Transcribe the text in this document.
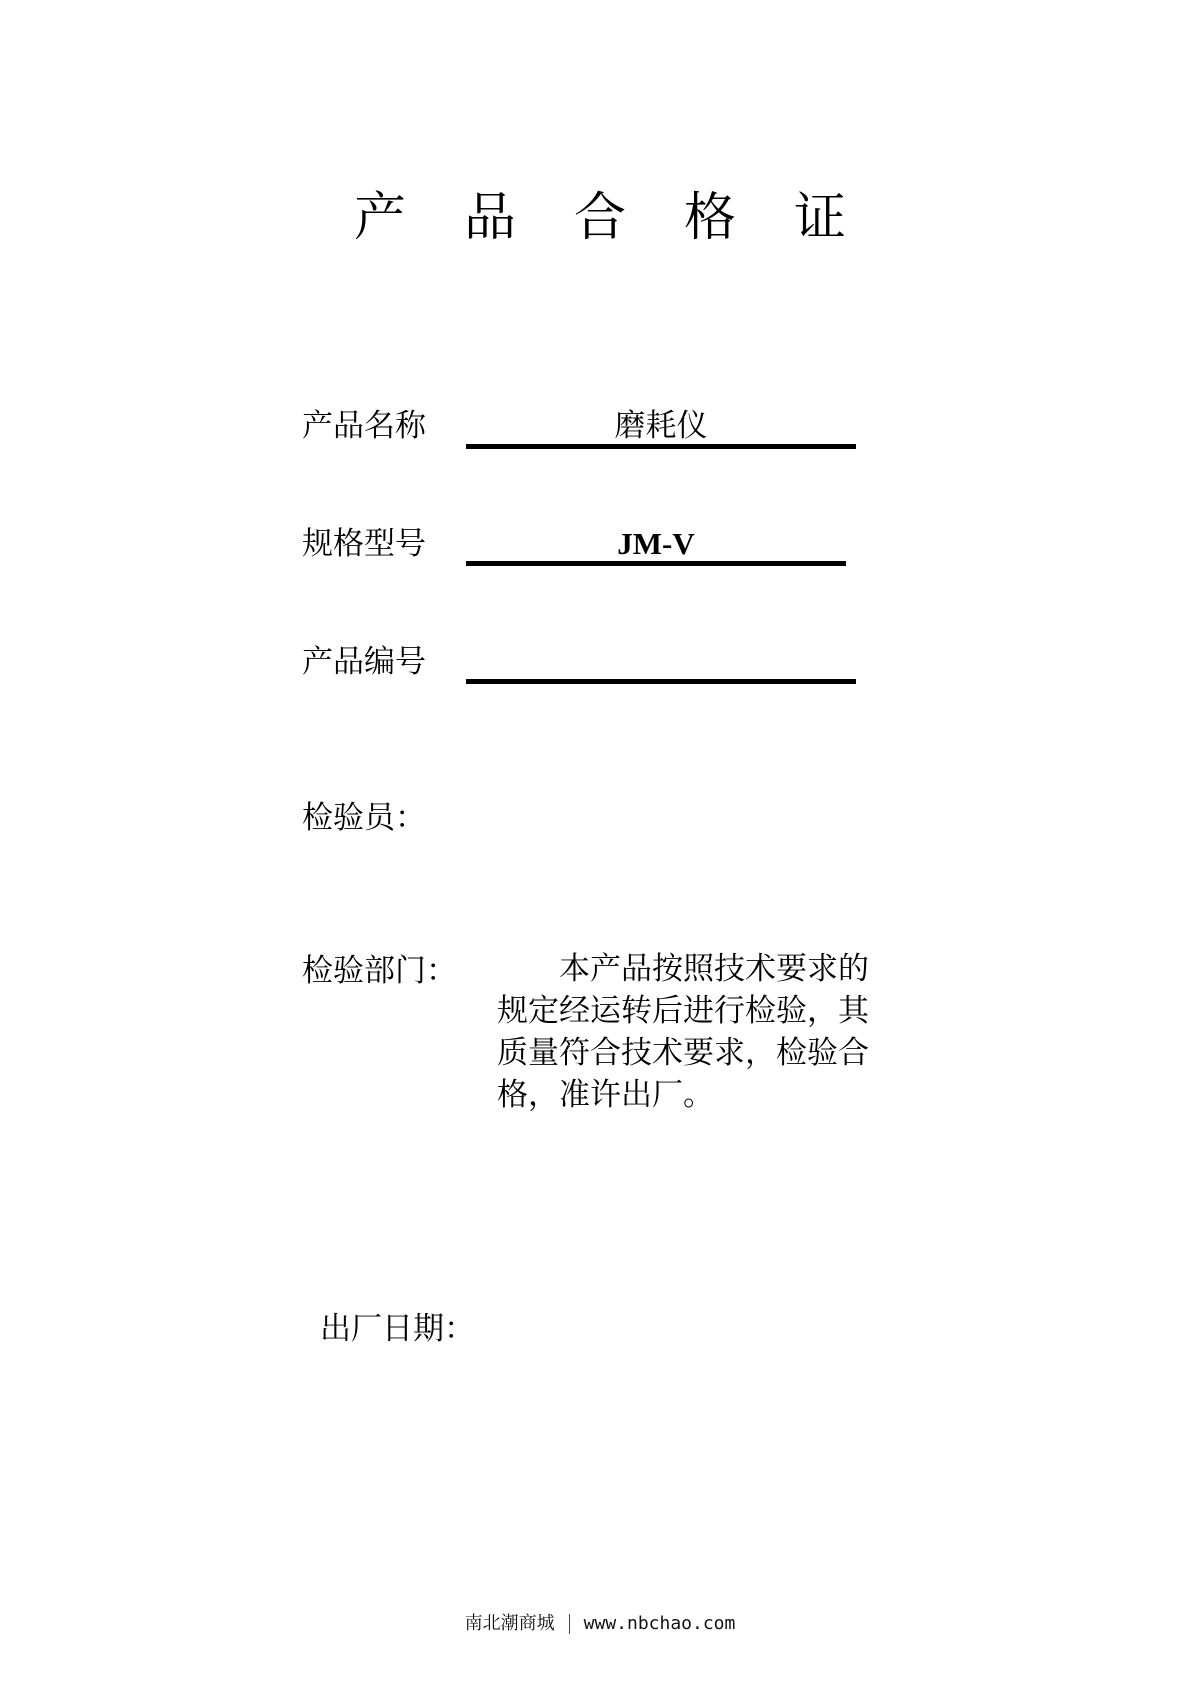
产品合格证
产品名称	磨耗仪
规格型号	JM-V
产品编号
检验员：
检验部门：	本产品按照技术要求的规定经运转后进行检验，其质量符合技术要求，检验合格，准许出厂。
出厂日期：
南北潮商城 www.nbchao.com
